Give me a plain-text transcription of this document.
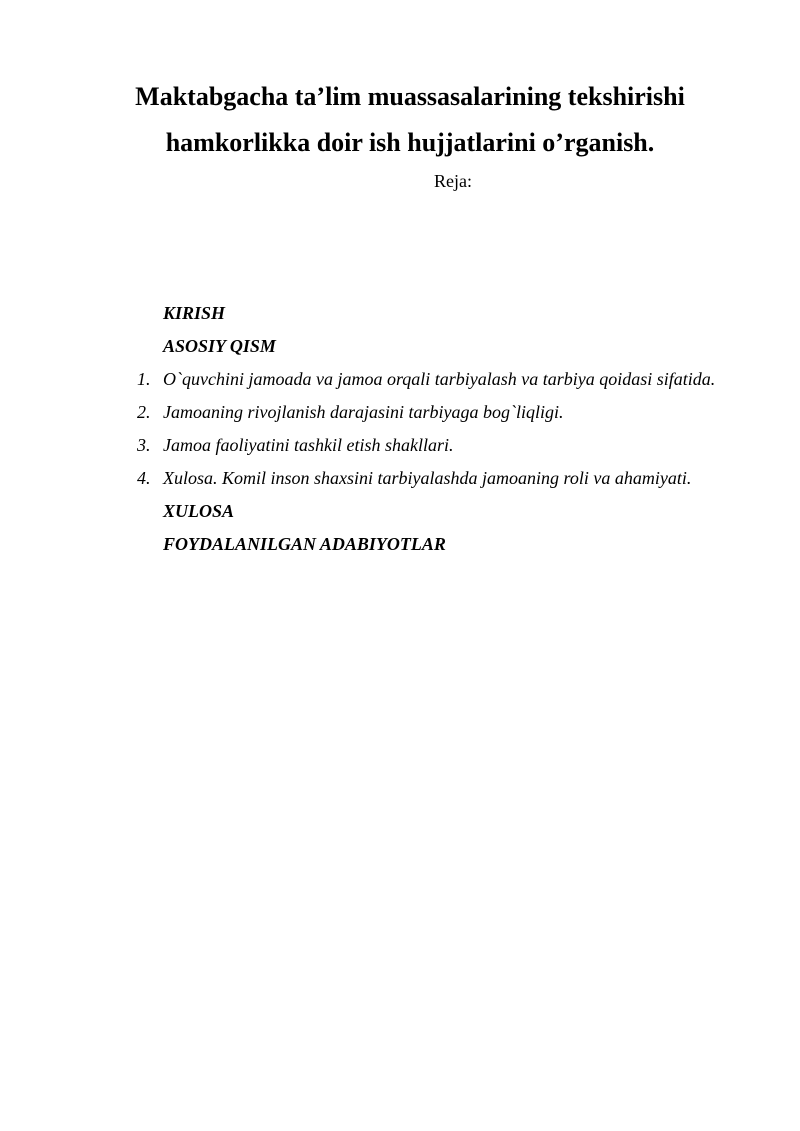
Maktabgacha ta’lim muassasalarining tekshirishi
hamkorlikka doir ish hujjatlarini o’rganish.

Reja:

KIRISH
ASOSIY QISM
1. O`quvchini jamoada va jamoa orqali tarbiyalash va tarbiya qoidasi sifatida.
2. Jamoaning rivojlanish darajasini tarbiyaga bog`liqligi.
3. Jamoa faoliyatini tashkil etish shakllari.
4. Xulosa. Komil inson shaxsini tarbiyalashda jamoaning roli va ahamiyati.
XULOSA
FOYDALANILGAN ADABIYOTLAR
